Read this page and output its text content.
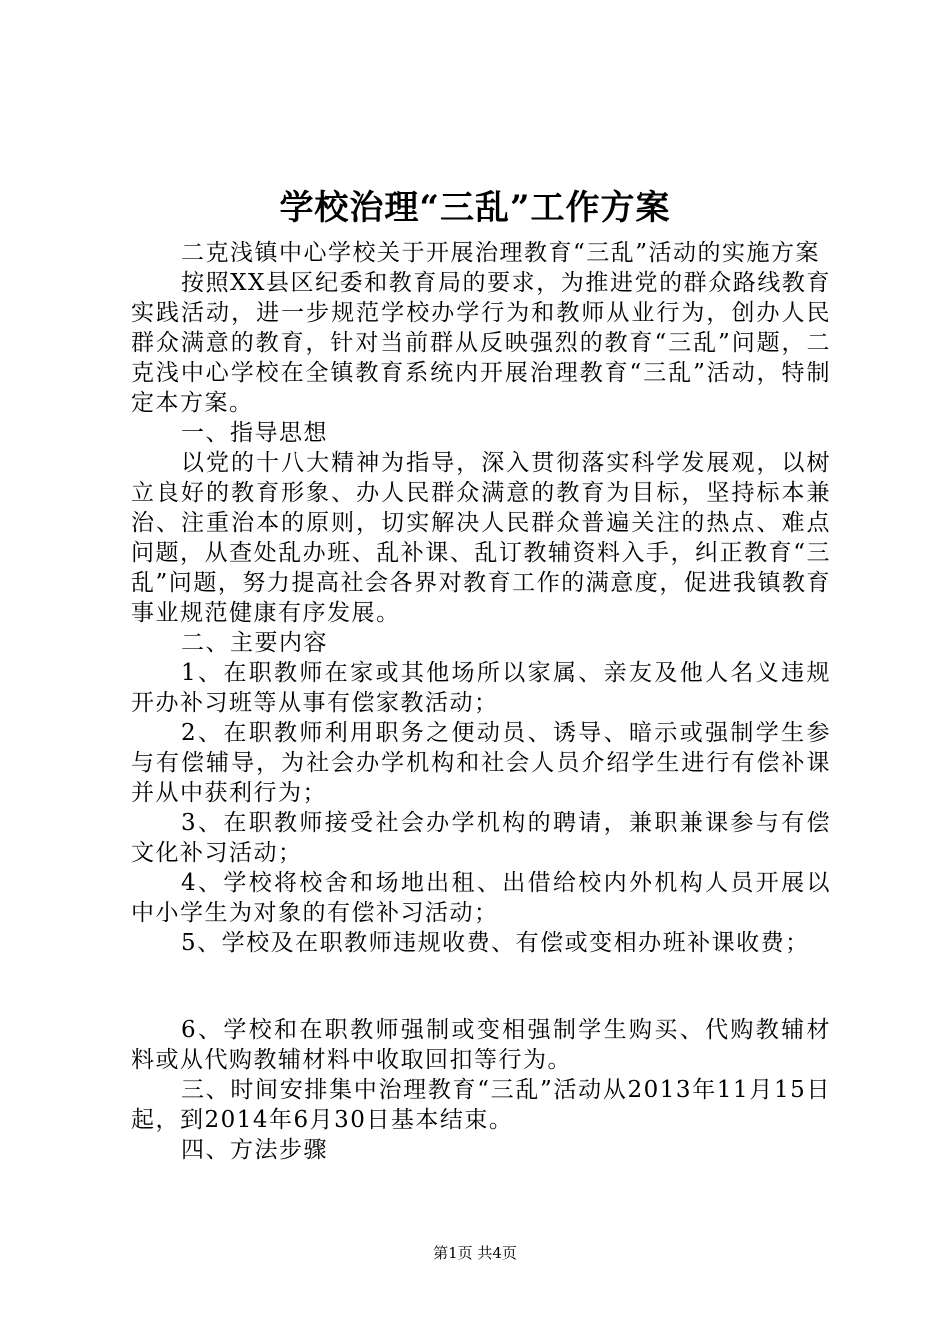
学校治理“三乱”工作方案

二克浅镇中心学校关于开展治理教育“三乱”活动的实施方案

按照XX县区纪委和教育局的要求，为推进党的群众路线教育实践活动，进一步规范学校办学行为和教师从业行为，创办人民群众满意的教育，针对当前群从反映强烈的教育“三乱”问题，二克浅中心学校在全镇教育系统内开展治理教育“三乱”活动，特制定本方案。

一、指导思想

以党的十八大精神为指导，深入贯彻落实科学发展观，以树立良好的教育形象、办人民群众满意的教育为目标，坚持标本兼治、注重治本的原则，切实解决人民群众普遍关注的热点、难点问题，从查处乱办班、乱补课、乱订教辅资料入手，纠正教育“三乱”问题，努力提高社会各界对教育工作的满意度，促进我镇教育事业规范健康有序发展。

二、主要内容

1、在职教师在家或其他场所以家属、亲友及他人名义违规开办补习班等从事有偿家教活动；

2、在职教师利用职务之便动员、诱导、暗示或强制学生参与有偿辅导，为社会办学机构和社会人员介绍学生进行有偿补课并从中获利行为；

3、在职教师接受社会办学机构的聘请，兼职兼课参与有偿文化补习活动；

4、学校将校舍和场地出租、出借给校内外机构人员开展以中小学生为对象的有偿补习活动；

5、学校及在职教师违规收费、有偿或变相办班补课收费；

6、学校和在职教师强制或变相强制学生购买、代购教辅材料或从代购教辅材料中收取回扣等行为。

三、时间安排集中治理教育“三乱”活动从2013年11月15日起，到2014年6月30日基本结束。

四、方法步骤

第1页 共4页
